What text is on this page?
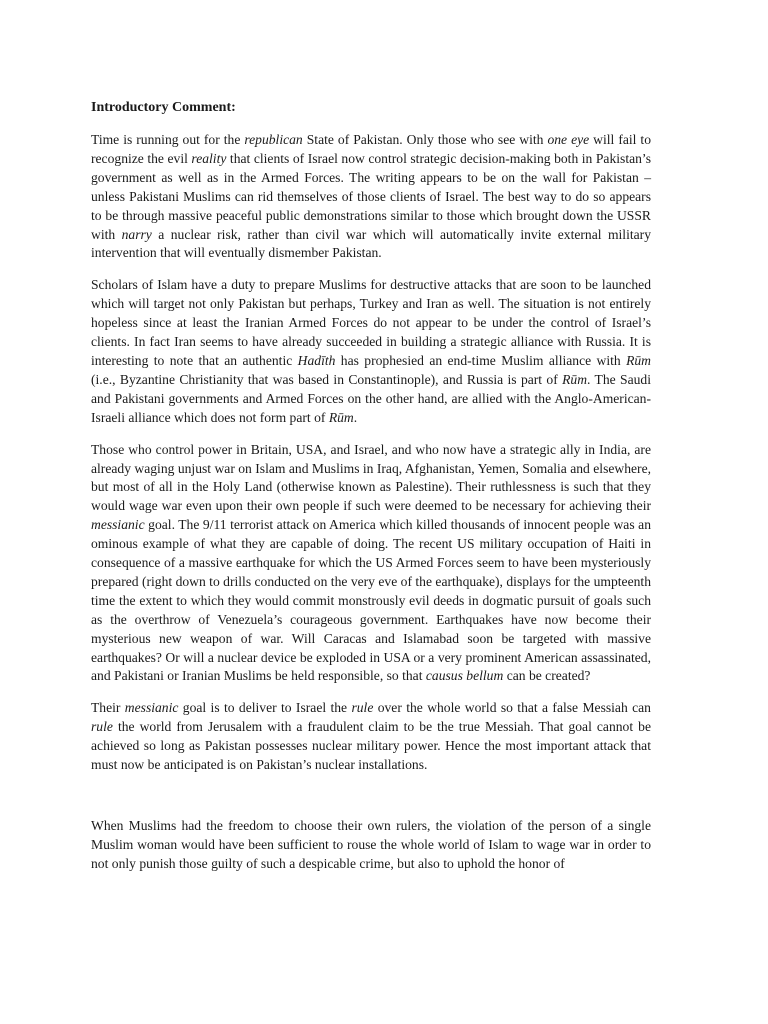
Introductory Comment:

Time is running out for the republican State of Pakistan. Only those who see with one eye will fail to recognize the evil reality that clients of Israel now control strategic decision-making both in Pakistan’s government as well as in the Armed Forces. The writing appears to be on the wall for Pakistan – unless Pakistani Muslims can rid themselves of those clients of Israel. The best way to do so appears to be through massive peaceful public demonstrations similar to those which brought down the USSR with narry a nuclear risk, rather than civil war which will automatically invite external military intervention that will eventually dismember Pakistan.

Scholars of Islam have a duty to prepare Muslims for destructive attacks that are soon to be launched which will target not only Pakistan but perhaps, Turkey and Iran as well. The situation is not entirely hopeless since at least the Iranian Armed Forces do not appear to be under the control of Israel’s clients. In fact Iran seems to have already succeeded in building a strategic alliance with Russia. It is interesting to note that an authentic Hadīth has prophesied an end-time Muslim alliance with Rūm (i.e., Byzantine Christianity that was based in Constantinople), and Russia is part of Rūm. The Saudi and Pakistani governments and Armed Forces on the other hand, are allied with the Anglo-American-Israeli alliance which does not form part of Rūm.

Those who control power in Britain, USA, and Israel, and who now have a strategic ally in India, are already waging unjust war on Islam and Muslims in Iraq, Afghanistan, Yemen, Somalia and elsewhere, but most of all in the Holy Land (otherwise known as Palestine). Their ruthlessness is such that they would wage war even upon their own people if such were deemed to be necessary for achieving their messianic goal. The 9/11 terrorist attack on America which killed thousands of innocent people was an ominous example of what they are capable of doing. The recent US military occupation of Haiti in consequence of a massive earthquake for which the US Armed Forces seem to have been mysteriously prepared (right down to drills conducted on the very eve of the earthquake), displays for the umpteenth time the extent to which they would commit monstrously evil deeds in dogmatic pursuit of goals such as the overthrow of Venezuela’s courageous government. Earthquakes have now become their mysterious new weapon of war. Will Caracas and Islamabad soon be targeted with massive earthquakes? Or will a nuclear device be exploded in USA or a very prominent American assassinated, and Pakistani or Iranian Muslims be held responsible, so that causus bellum can be created?

Their messianic goal is to deliver to Israel the rule over the whole world so that a false Messiah can rule the world from Jerusalem with a fraudulent claim to be the true Messiah. That goal cannot be achieved so long as Pakistan possesses nuclear military power. Hence the most important attack that must now be anticipated is on Pakistan’s nuclear installations.

When Muslims had the freedom to choose their own rulers, the violation of the person of a single Muslim woman would have been sufficient to rouse the whole world of Islam to wage war in order to not only punish those guilty of such a despicable crime, but also to uphold the honor of
